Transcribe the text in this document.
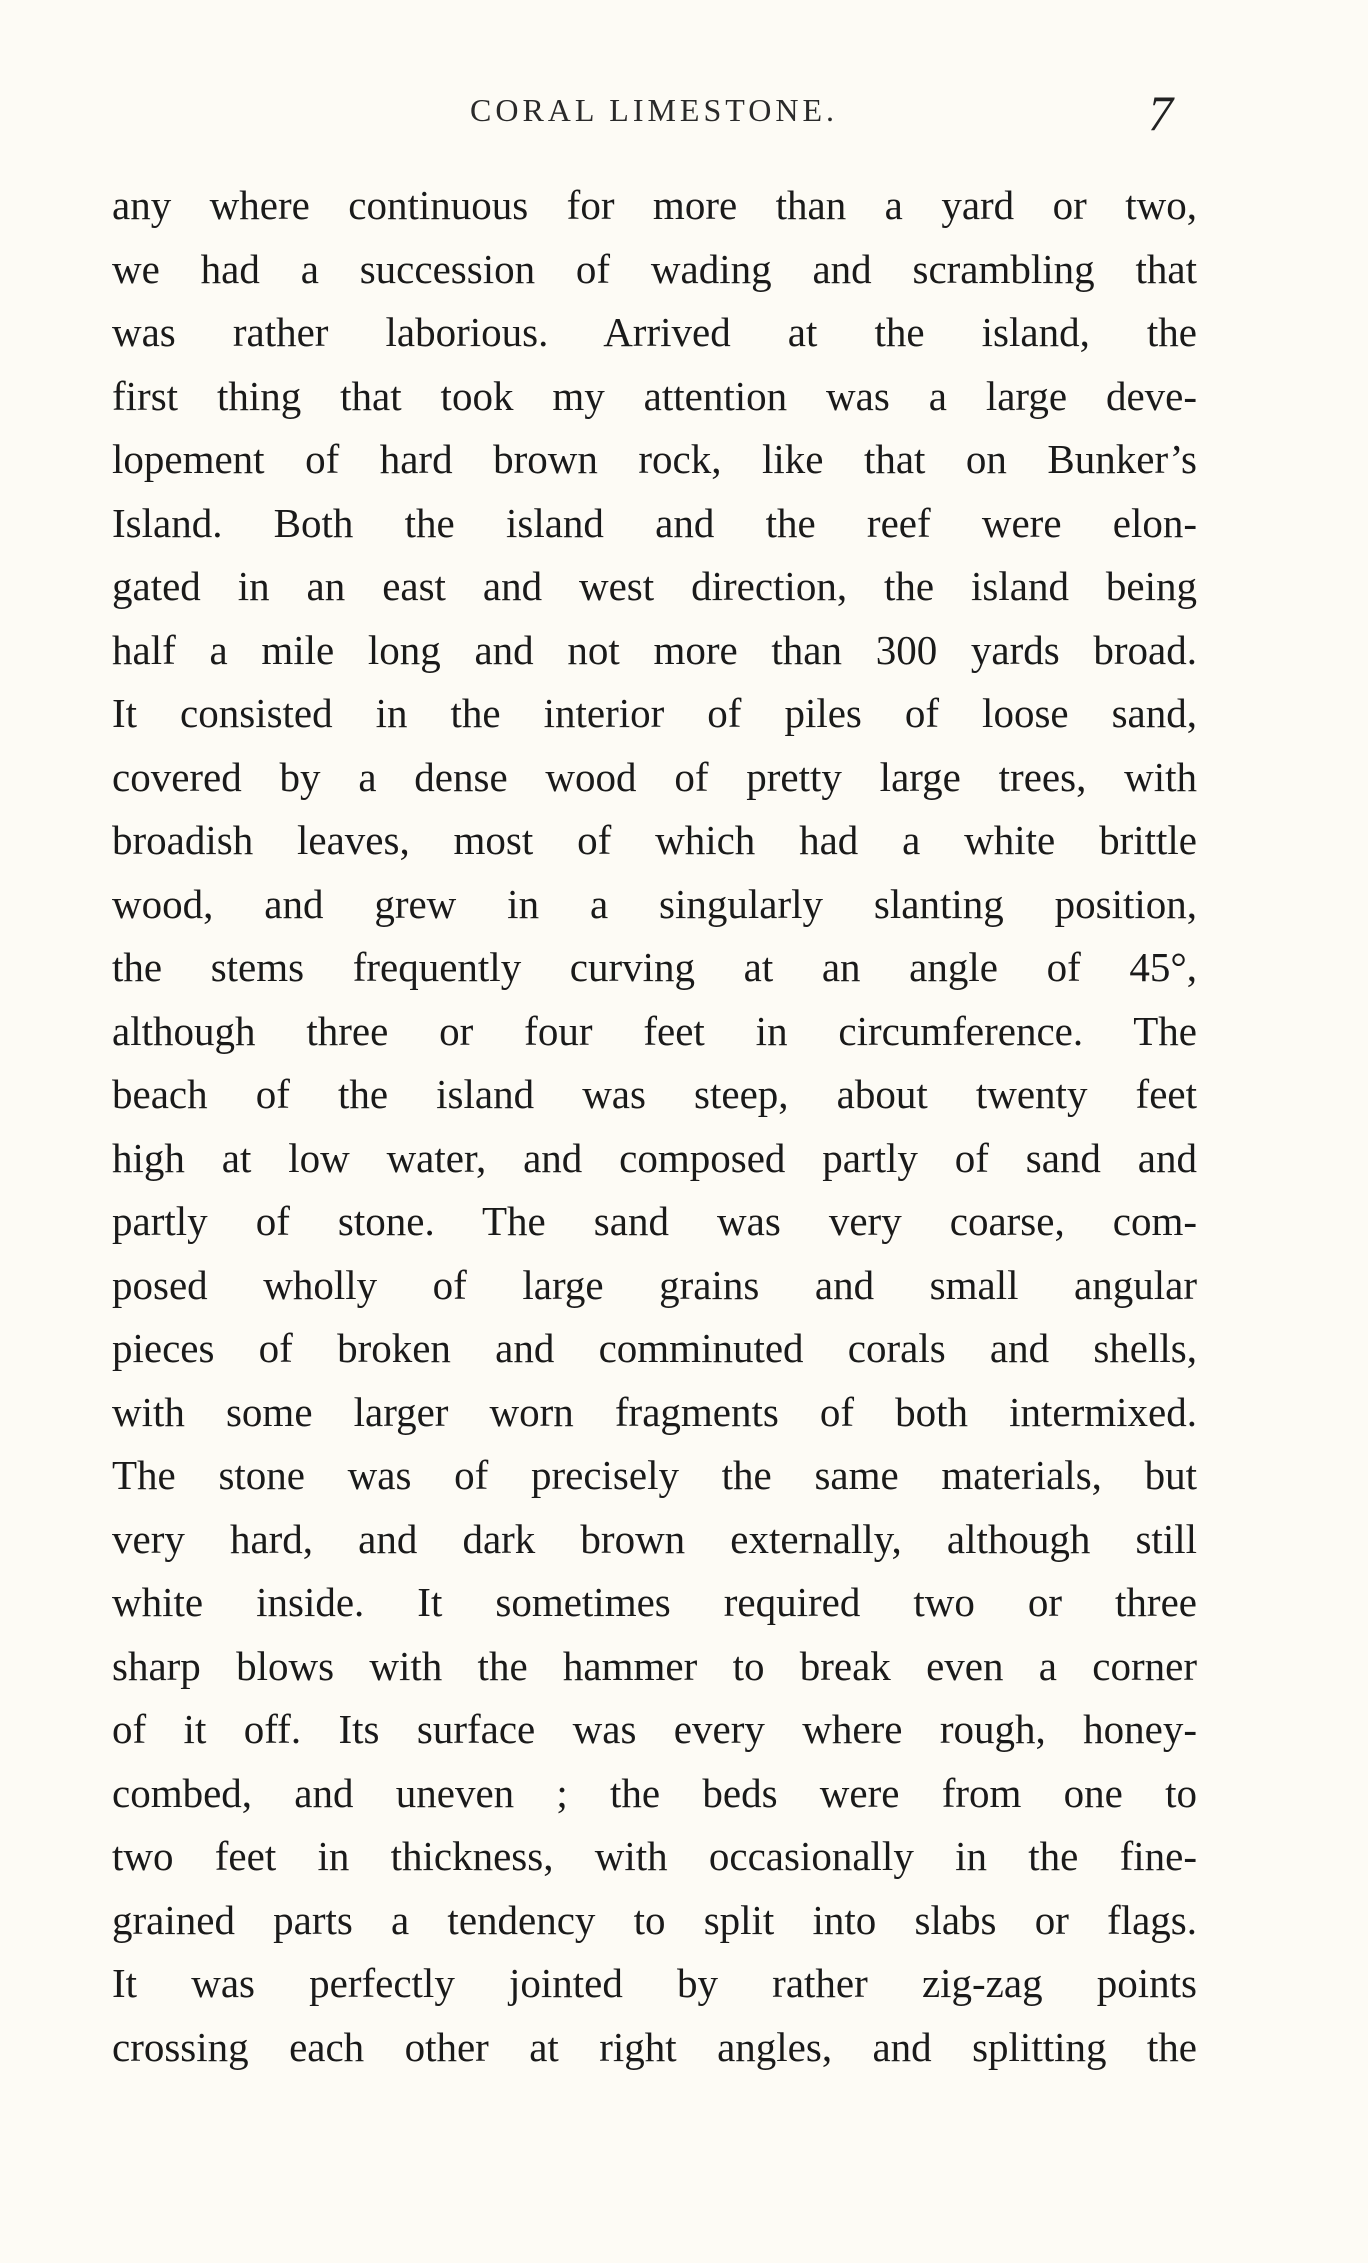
CORAL LIMESTONE.	7
any where continuous for more than a yard or two,
we had a succession of wading and scrambling that
was rather laborious. Arrived at the island, the
first thing that took my attention was a large deve-
lopement of hard brown rock, like that on Bunker’s
Island. Both the island and the reef were elon-
gated in an east and west direction, the island being
half a mile long and not more than 300 yards broad.
It consisted in the interior of piles of loose sand,
covered by a dense wood of pretty large trees, with
broadish leaves, most of which had a white brittle
wood, and grew in a singularly slanting position,
the stems frequently curving at an angle of 45°,
although three or four feet in circumference. The
beach of the island was steep, about twenty feet
high at low water, and composed partly of sand and
partly of stone. The sand was very coarse, com-
posed wholly of large grains and small angular
pieces of broken and comminuted corals and shells,
with some larger worn fragments of both intermixed.
The stone was of precisely the same materials, but
very hard, and dark brown externally, although still
white inside. It sometimes required two or three
sharp blows with the hammer to break even a corner
of it off. Its surface was every where rough, honey-
combed, and uneven ; the beds were from one to
two feet in thickness, with occasionally in the fine-
grained parts a tendency to split into slabs or flags.
It was perfectly jointed by rather zig-zag points
crossing each other at right angles, and splitting the
